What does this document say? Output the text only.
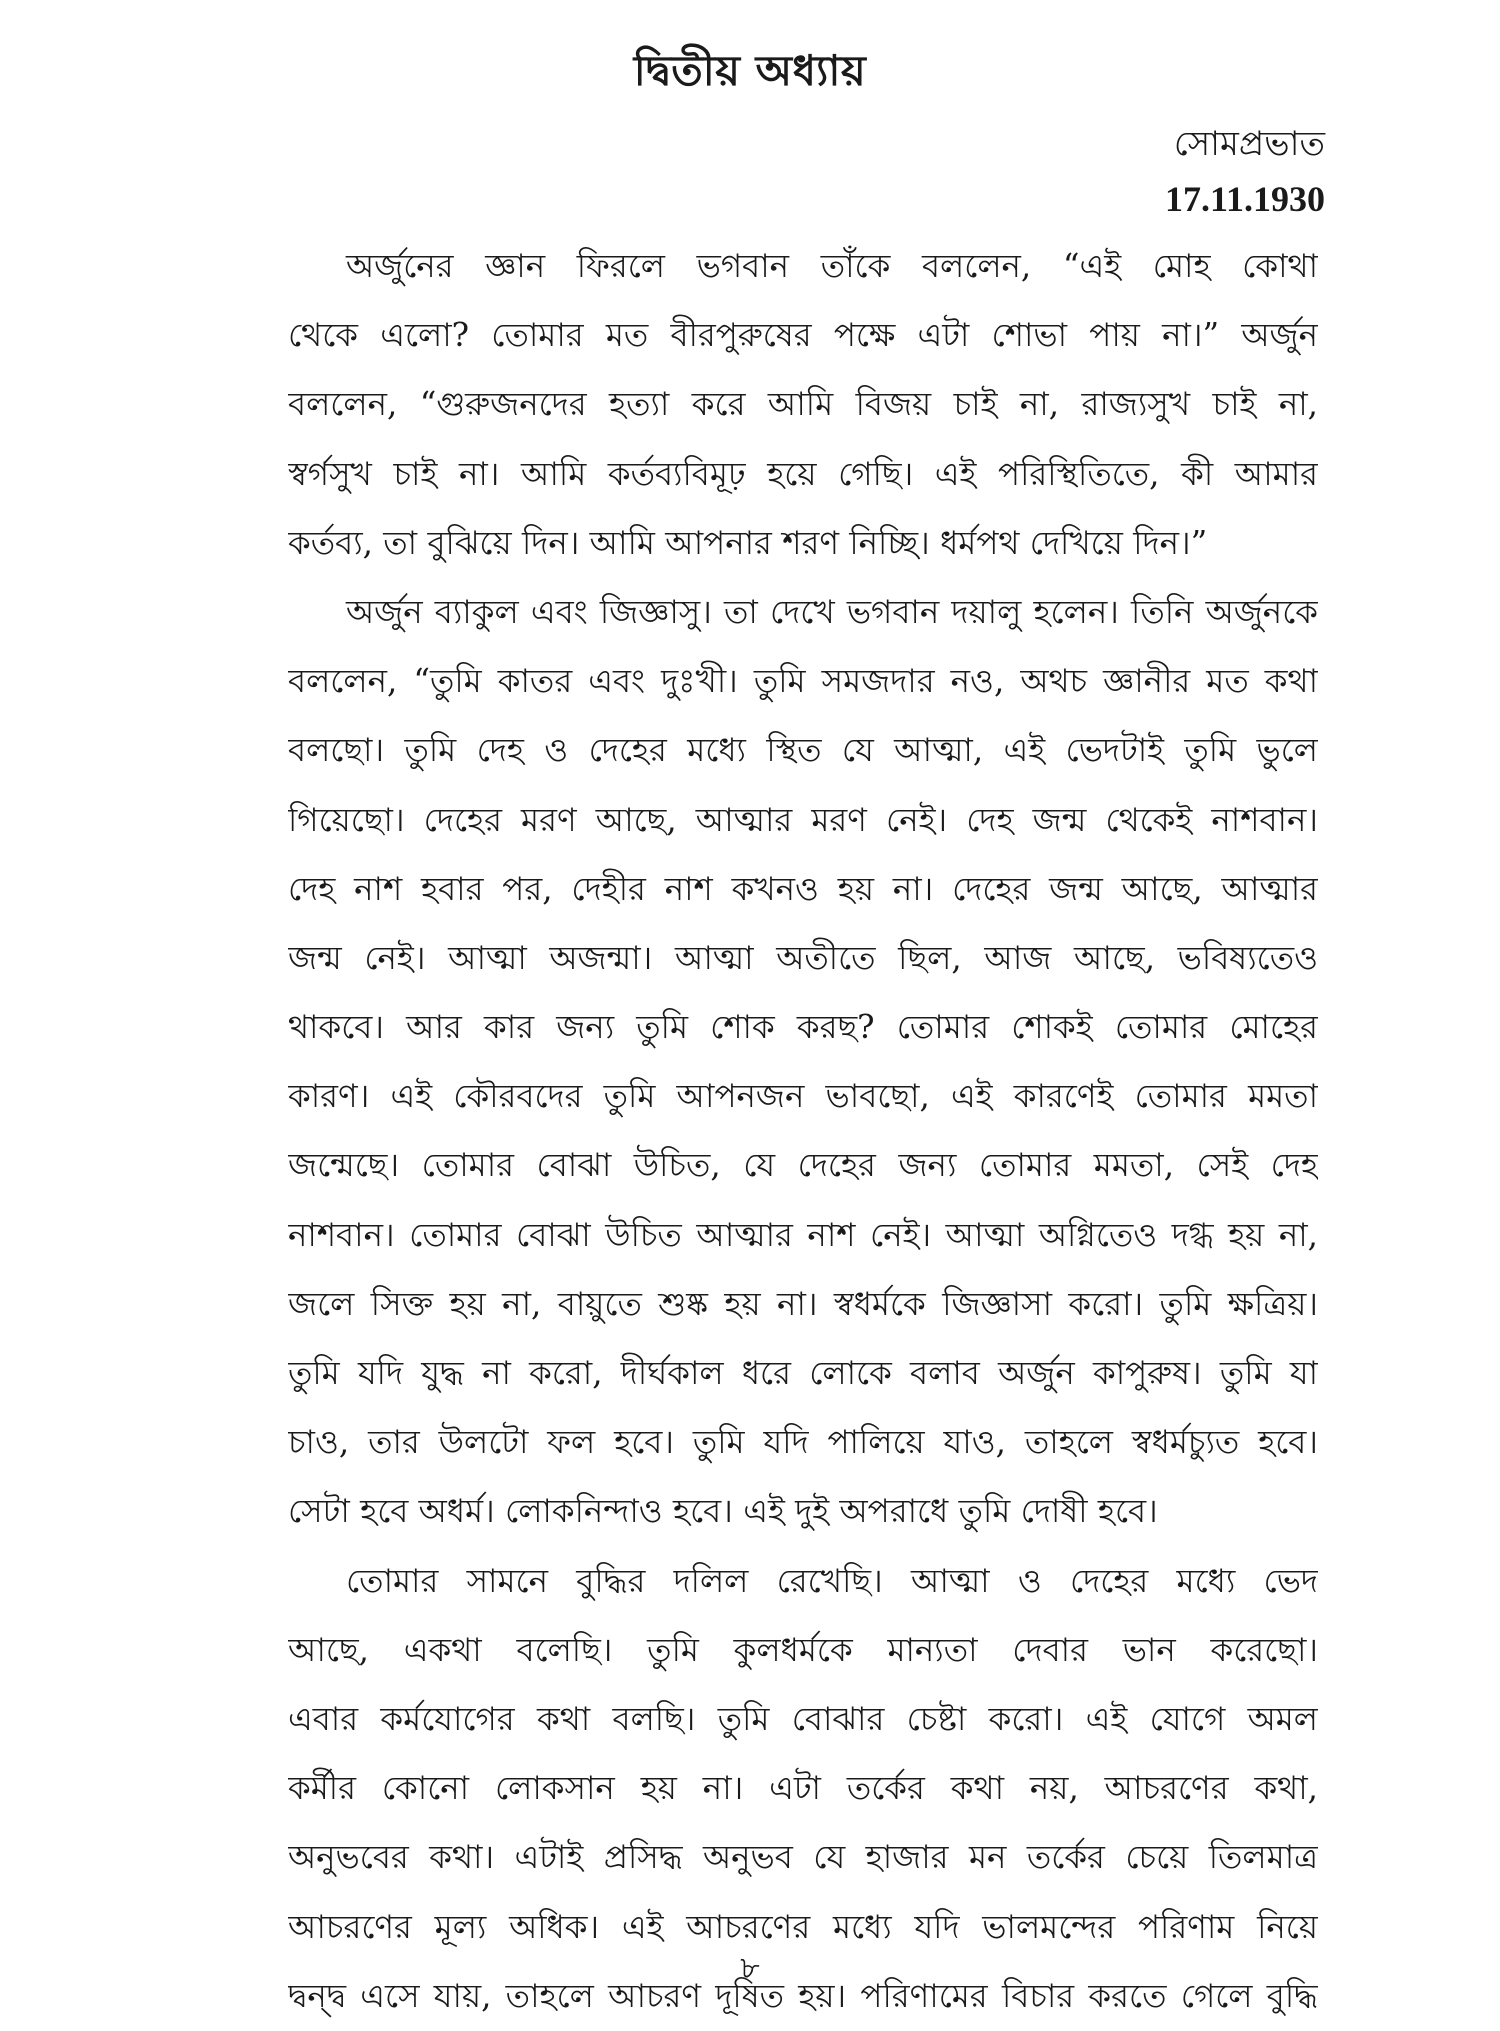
দ্বিতীয় অধ্যায়
সোমপ্রভাত
17.11.1930
অর্জুনের জ্ঞান ফিরলে ভগবান তাঁকে বললেন, “এই মোহ কোথা
থেকে এলো? তোমার মত বীরপুরুষের পক্ষে এটা শোভা পায় না।” অর্জুন
বললেন, “গুরুজনদের হত্যা করে আমি বিজয় চাই না, রাজ্যসুখ চাই না,
স্বর্গসুখ চাই না। আমি কর্তব্যবিমূঢ় হয়ে গেছি। এই পরিস্থিতিতে, কী আমার
কর্তব্য, তা বুঝিয়ে দিন। আমি আপনার শরণ নিচ্ছি। ধর্মপথ দেখিয়ে দিন।”
অর্জুন ব্যাকুল এবং জিজ্ঞাসু। তা দেখে ভগবান দয়ালু হলেন। তিনি অর্জুনকে
বললেন, “তুমি কাতর এবং দুঃখী। তুমি সমজদার নও, অথচ জ্ঞানীর মত কথা
বলছো। তুমি দেহ ও দেহের মধ্যে স্থিত যে আত্মা, এই ভেদটাই তুমি ভুলে
গিয়েছো। দেহের মরণ আছে, আত্মার মরণ নেই। দেহ জন্ম থেকেই নাশবান।
দেহ নাশ হবার পর, দেহীর নাশ কখনও হয় না। দেহের জন্ম আছে, আত্মার
জন্ম নেই। আত্মা অজন্মা। আত্মা অতীতে ছিল, আজ আছে, ভবিষ্যতেও
থাকবে। আর কার জন্য তুমি শোক করছ? তোমার শোকই তোমার মোহের
কারণ। এই কৌরবদের তুমি আপনজন ভাবছো, এই কারণেই তোমার মমতা
জন্মেছে। তোমার বোঝা উচিত, যে দেহের জন্য তোমার মমতা, সেই দেহ
নাশবান। তোমার বোঝা উচিত আত্মার নাশ নেই। আত্মা অগ্নিতেও দগ্ধ হয় না,
জলে সিক্ত হয় না, বায়ুতে শুষ্ক হয় না। স্বধর্মকে জিজ্ঞাসা করো। তুমি ক্ষত্রিয়।
তুমি যদি যুদ্ধ না করো, দীর্ঘকাল ধরে লোকে বলাব অর্জুন কাপুরুষ। তুমি যা
চাও, তার উলটো ফল হবে। তুমি যদি পালিয়ে যাও, তাহলে স্বধর্মচ্যুত হবে।
সেটা হবে অধর্ম। লোকনিন্দাও হবে। এই দুই অপরাধে তুমি দোষী হবে।
তোমার সামনে বুদ্ধির দলিল রেখেছি। আত্মা ও দেহের মধ্যে ভেদ
আছে, একথা বলেছি। তুমি কুলধর্মকে মান্যতা দেবার ভান করেছো।
এবার কর্মযোগের কথা বলছি। তুমি বোঝার চেষ্টা করো। এই যোগে অমল
কর্মীর কোনো লোকসান হয় না। এটা তর্কের কথা নয়, আচরণের কথা,
অনুভবের কথা। এটাই প্রসিদ্ধ অনুভব যে হাজার মন তর্কের চেয়ে তিলমাত্র
আচরণের মূল্য অধিক। এই আচরণের মধ্যে যদি ভালমন্দের পরিণাম নিয়ে
দ্বন্দ্ব এসে যায়, তাহলে আচরণ দূষিত হয়। পরিণামের বিচার করতে গেলে বুদ্ধি
৮
